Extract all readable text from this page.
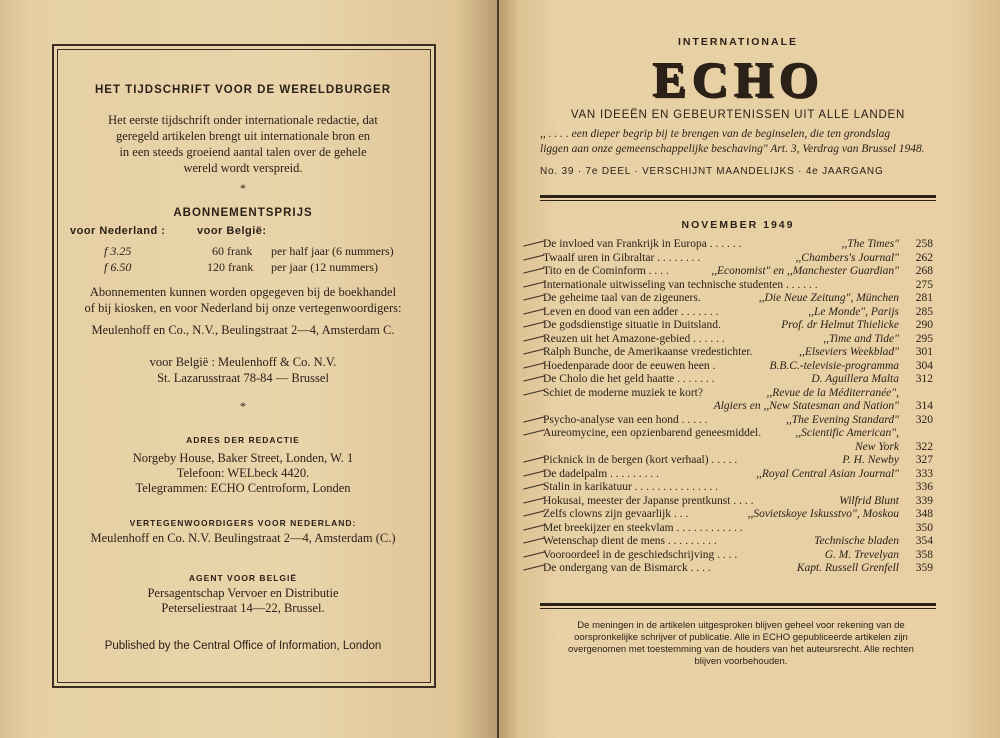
HET TIJDSCHRIFT VOOR DE WERELDBURGER
Het eerste tijdschrift onder internationale redactie, dat
geregeld artikelen brengt uit internationale bron en
in een steeds groeiend aantal talen over de gehele
wereld wordt verspreid.
*
ABONNEMENTSPRIJS
voor Nederland :	voor België:
f 3.25	60 frank per half jaar (6 nummers)
f 6.50	120 frank per jaar (12 nummers)
Abonnementen kunnen worden opgegeven bij de boekhandel
of bij kiosken, en voor Nederland bij onze vertegenwoordigers:
Meulenhoff en Co., N.V., Beulingstraat 2—4, Amsterdam C.
voor België : Meulenhoff & Co. N.V.
St. Lazarusstraat 78-84 — Brussel
*
ADRES DER REDACTIE
Norgeby House, Baker Street, Londen, W. 1
Telefoon: WELbeck 4420.
Telegrammen: ECHO Centroform, Londen
VERTEGENWOORDIGERS VOOR NEDERLAND:
Meulenhoff en Co. N.V. Beulingstraat 2—4, Amsterdam (C.)
AGENT VOOR BELGIË
Persagentschap Vervoer en Distributie
Peterseliestraat 14—22, Brussel.
Published by the Central Office of Information, London
INTERNATIONALE
ECHO
VAN IDEEËN EN GEBEURTENISSEN UIT ALLE LANDEN
,, . . . . een dieper begrip bij te brengen van de beginselen, die ten grondslag
liggen aan onze gemeenschappelijke beschaving" Art. 3, Verdrag van Brussel 1948.
No. 39 · 7e DEEL · VERSCHIJNT MAANDELIJKS · 4e JAARGANG
NOVEMBER 1949
De invloed van Frankrijk in Europa . . . . . .	,,The Times"	258
Twaalf uren in Gibraltar . . . . . . . .	,,Chambers's Journal"	262
Tito en de Cominform . . . .	,,Economist" en ,,Manchester Guardian"	268
Internationale uitwisseling van technische studenten . . . . . .	275
De geheime taal van de zigeuners.	,,Die Neue Zeitung", München	281
Leven en dood van een adder . . . . . . .	,,Le Monde", Parijs	285
De godsdienstige situatie in Duitsland.	Prof. dr Helmut Thielicke	290
Reuzen uit het Amazone-gebied . . . . . .	,,Time and Tide"	295
Ralph Bunche, de Amerikaanse vredestichter.	,,Elseviers Weekblad"	301
Hoedenparade door de eeuwen heen .	B.B.C.-televisie-programma	304
De Cholo die het geld haatte . . . . . . .	D. Aguillera Malta	312
Schiet de moderne muziek te kort?	,,Revue de la Méditerranée",
Algiers en ,,New Statesman and Nation"	314
Psycho-analyse van een hond . . . . .	,,The Evening Standard"	320
Aureomycine, een opzienbarend geneesmiddel.	,,Scientific American",
New York	322
Picknick in de bergen (kort verhaal) . . . . .	P. H. Newby	327
De dadelpalm . . . . . . . . .	,,Royal Central Asian Journal"	333
Stalin in karikatuur . . . . . . . . . . . . . . .	336
Hokusai, meester der Japanse prentkunst . . . .	Wilfrid Blunt	339
Zelfs clowns zijn gevaarlijk . . .	,,Sovietskoye Iskusstvo", Moskou	348
Met breekijzer en steekvlam . . . . . . . . . . . .	350
Wetenschap dient de mens . . . . . . . . .	Technische bladen	354
Vooroordeel in de geschiedschrijving . . . .	G. M. Trevelyan	358
De ondergang van de Bismarck . . . .	Kapt. Russell Grenfell	359
De meningen in de artikelen uitgesproken blijven geheel voor rekening van de
oorspronkelijke schrijver of publicatie. Alle in ECHO gepubliceerde artikelen zijn
overgenomen met toestemming van de houders van het auteursrecht. Alle rechten
blijven voorbehouden.
